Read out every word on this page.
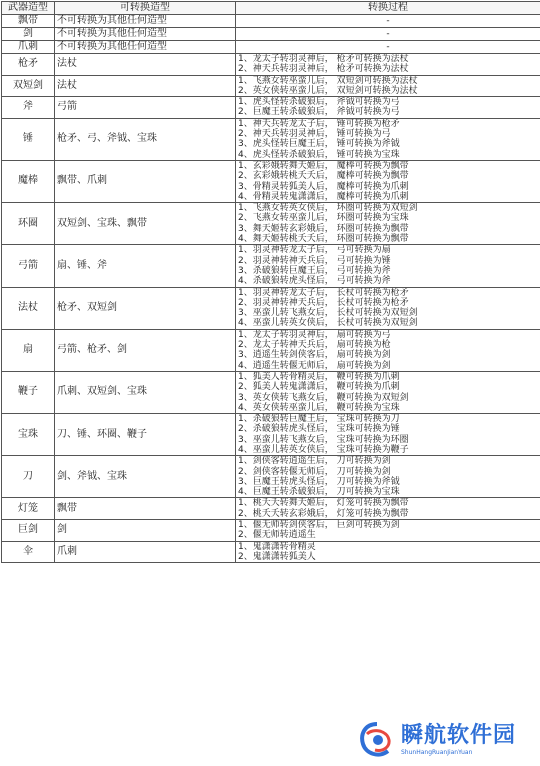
武器造型	可转换造型	转换过程
飘带	不可转换为其他任何造型	-

剑	不可转换为其他任何造型	-

爪刺	不可转换为其他任何造型	-

枪矛	法杖	1、龙太子转羽灵神后， 枪矛可转换为法杖
2、神天兵转羽灵神后， 枪矛可转换为法杖

双短剑	法杖	1、飞燕女转巫蛮儿后， 双短剑可转换为法杖
2、英女侠转巫蛮儿后， 双短剑可转换为法杖

斧	弓箭	1、虎头怪转杀破狼后， 斧钺可转换为弓
2、巨魔王转杀破狼后， 斧钺可转换为弓

锤	枪矛、弓、斧钺、宝珠	1、神天兵转龙太子后， 锤可转换为枪矛
2、神天兵转羽灵神后， 锤可转换为弓
3、虎头怪转巨魔王后， 锤可转换为斧钺
4、虎头怪转杀破狼后， 锤可转换为宝珠

魔棒	飘带、爪刺	1、玄彩娥转舞天姬后， 魔棒可转换为飘带
2、玄彩娥转桃夭夭后， 魔棒可转换为飘带
3、骨精灵转狐美人后， 魔棒可转换为爪刺
4、骨精灵转鬼潇潇后， 魔棒可转换为爪刺

环圈	双短剑、宝珠、飘带	1、飞燕女转英女侠后， 环圈可转换为双短剑
2、飞燕女转巫蛮儿后， 环圈可转换为宝珠
3、舞天姬转玄彩娥后， 环圈可转换为飘带
4、舞天姬转桃夭夭后， 环圈可转换为飘带

弓箭	扇、锤、斧	1、羽灵神转龙太子后， 弓可转换为扇
2、羽灵神转神天兵后， 弓可转换为锤
3、杀破狼转巨魔王后， 弓可转换为斧
4、杀破狼转虎头怪后， 弓可转换为斧

法杖	枪矛、双短剑	1、羽灵神转龙太子后， 长杖可转换为枪矛
2、羽灵神转神天兵后， 长杖可转换为枪矛
3、巫蛮儿转飞燕女后， 长杖可转换为双短剑
4、巫蛮儿转英女侠后， 长杖可转换为双短剑

扇	弓箭、枪矛、剑	1、龙太子转羽灵神后， 扇可转换为弓
2、龙太子转神天兵后， 扇可转换为枪
3、逍遥生转剑侠客后， 扇可转换为剑
4、逍遥生转偃无师后， 扇可转换为剑

鞭子	爪刺、双短剑、宝珠	1、狐美人转骨精灵后， 鞭可转换为爪刺
2、狐美人转鬼潇潇后， 鞭可转换为爪刺
3、英女侠转飞燕女后， 鞭可转换为双短剑
4、英女侠转巫蛮儿后， 鞭可转换为宝珠

宝珠	刀、锤、环圈、鞭子	1、杀破狼转巨魔王后， 宝珠可转换为刀
2、杀破狼转虎头怪后， 宝珠可转换为锤
3、巫蛮儿转飞燕女后， 宝珠可转换为环圈
4、巫蛮儿转英女侠后， 宝珠可转换为鞭子

刀	剑、斧钺、宝珠	1、剑侠客转逍遥生后， 刀可转换为剑
2、剑侠客转偃无师后， 刀可转换为剑
3、巨魔王转虎头怪后， 刀可转换为斧钺
4、巨魔王转杀破狼后， 刀可转换为宝珠

灯笼	飘带	1、桃夭夭转舞天姬后， 灯笼可转换为飘带
2、桃夭夭转玄彩娥后， 灯笼可转换为飘带

巨剑	剑	1、偃无师转剑侠客后， 巨剑可转换为剑
2、偃无师转逍遥生

伞	爪刺	1、鬼潇潇转骨精灵
2、鬼潇潇转狐美人
瞬航软件园
ShunHangRuanJianYuan
